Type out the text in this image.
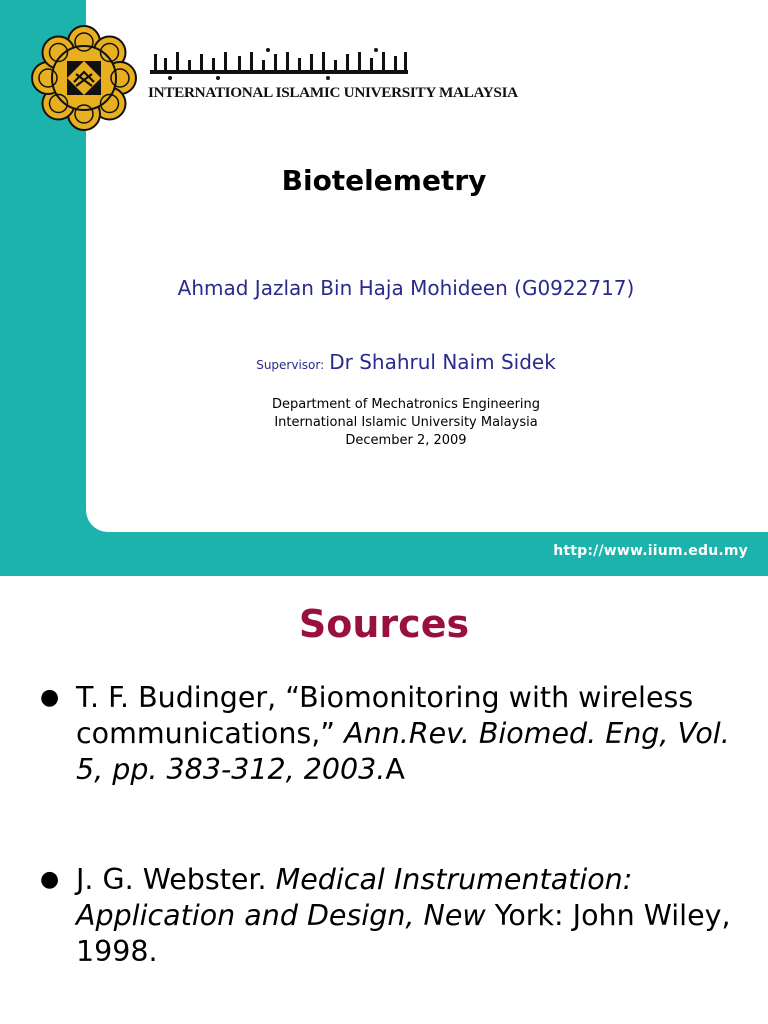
INTERNATIONAL ISLAMIC UNIVERSITY MALAYSIA
Biotelemetry
Ahmad Jazlan Bin Haja Mohideen (G0922717)
Supervisor: Dr Shahrul Naim Sidek
Department of Mechatronics Engineering
International Islamic University Malaysia
December 2, 2009
http://www.iium.edu.my
Sources
● T. F. Budinger, “Biomonitoring with wireless communications,” Ann.Rev. Biomed. Eng, Vol. 5, pp. 383-312, 2003.A
● J. G. Webster. Medical Instrumentation: Application and Design, New York: John Wiley, 1998.
